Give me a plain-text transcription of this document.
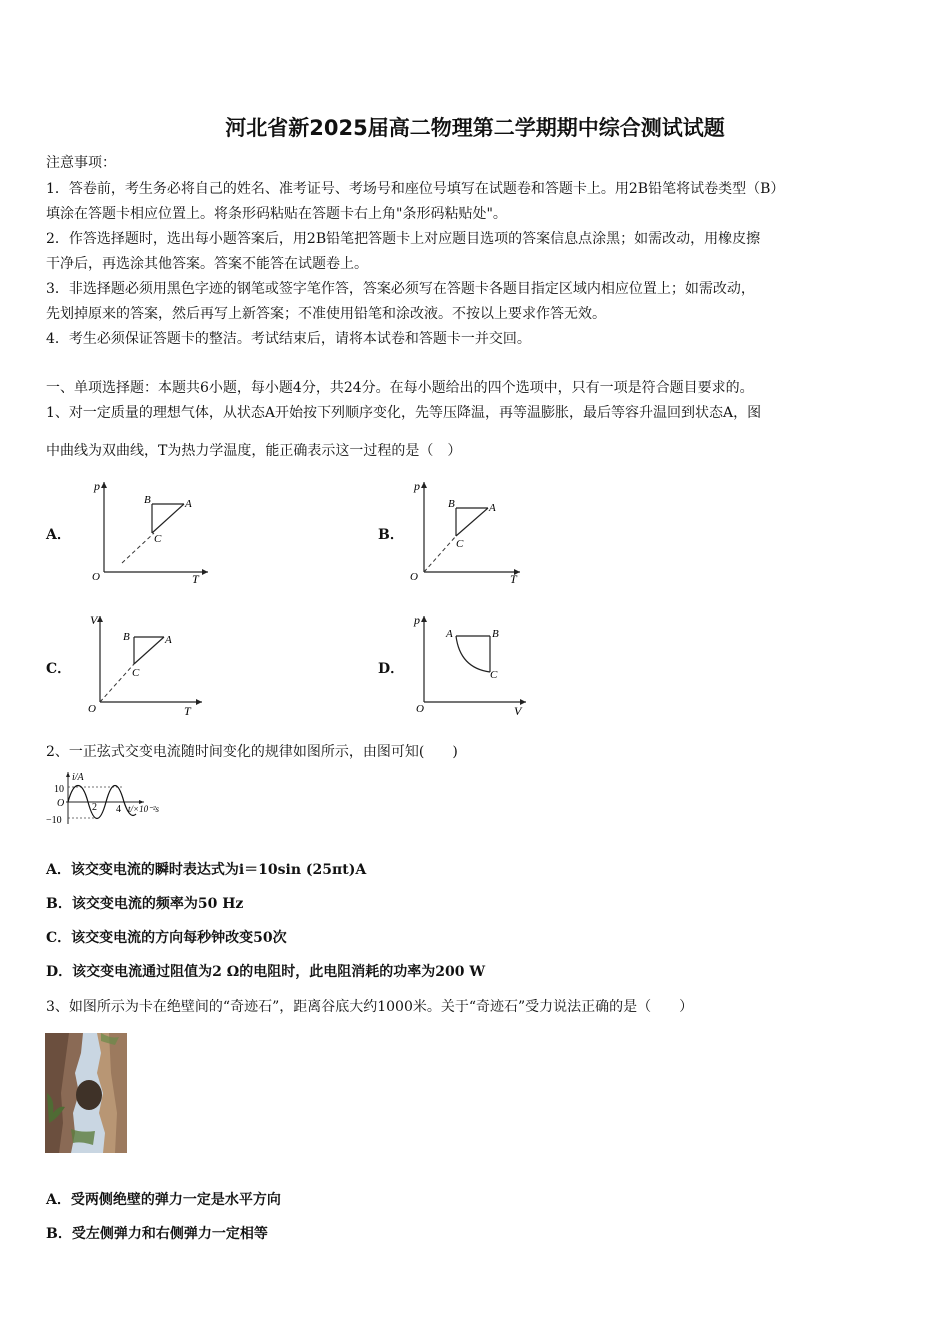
河北省新2025届高二物理第二学期期中综合测试试题
注意事项：
1．答卷前，考生务必将自己的姓名、准考证号、考场号和座位号填写在试题卷和答题卡上。用2B铅笔将试卷类型（B）
填涂在答题卡相应位置上。将条形码粘贴在答题卡右上角"条形码粘贴处"。
2．作答选择题时，选出每小题答案后，用2B铅笔把答题卡上对应题目选项的答案信息点涂黑；如需改动，用橡皮擦
干净后，再选涂其他答案。答案不能答在试题卷上。
3．非选择题必须用黑色字迹的钢笔或签字笔作答，答案必须写在答题卡各题目指定区域内相应位置上；如需改动，
先划掉原来的答案，然后再写上新答案；不准使用铅笔和涂改液。不按以上要求作答无效。
4．考生必须保证答题卡的整洁。考试结束后，请将本试卷和答题卡一并交回。
一、单项选择题：本题共6小题，每小题4分，共24分。在每小题给出的四个选项中，只有一项是符合题目要求的。
1、对一定质量的理想气体，从状态A开始按下列顺序变化，先等压降温，再等温膨胀，最后等容升温回到状态A，图
中曲线为双曲线，T为热力学温度，能正确表示这一过程的是（　）
A．
p
T
O
B	A
C	B．
p
T
O
B	A
C
C．
V
T
O
B	A
C	D．
p
V
O
A	B
C
2、一正弦式交变电流随时间变化的规律如图所示，由图可知(　　)
i/A
10
−10
O	2 4 t/×10⁻²s
A．该交变电流的瞬时表达式为i＝10sin (25πt)A
B．该交变电流的频率为50 Hz
C．该交变电流的方向每秒钟改变50次
D．该交变电流通过阻值为2 Ω的电阻时，此电阻消耗的功率为200 W
3、如图所示为卡在绝壁间的“奇迹石”，距离谷底大约1000米。关于“奇迹石”受力说法正确的是（　　）
A．受两侧绝壁的弹力一定是水平方向
B．受左侧弹力和右侧弹力一定相等
